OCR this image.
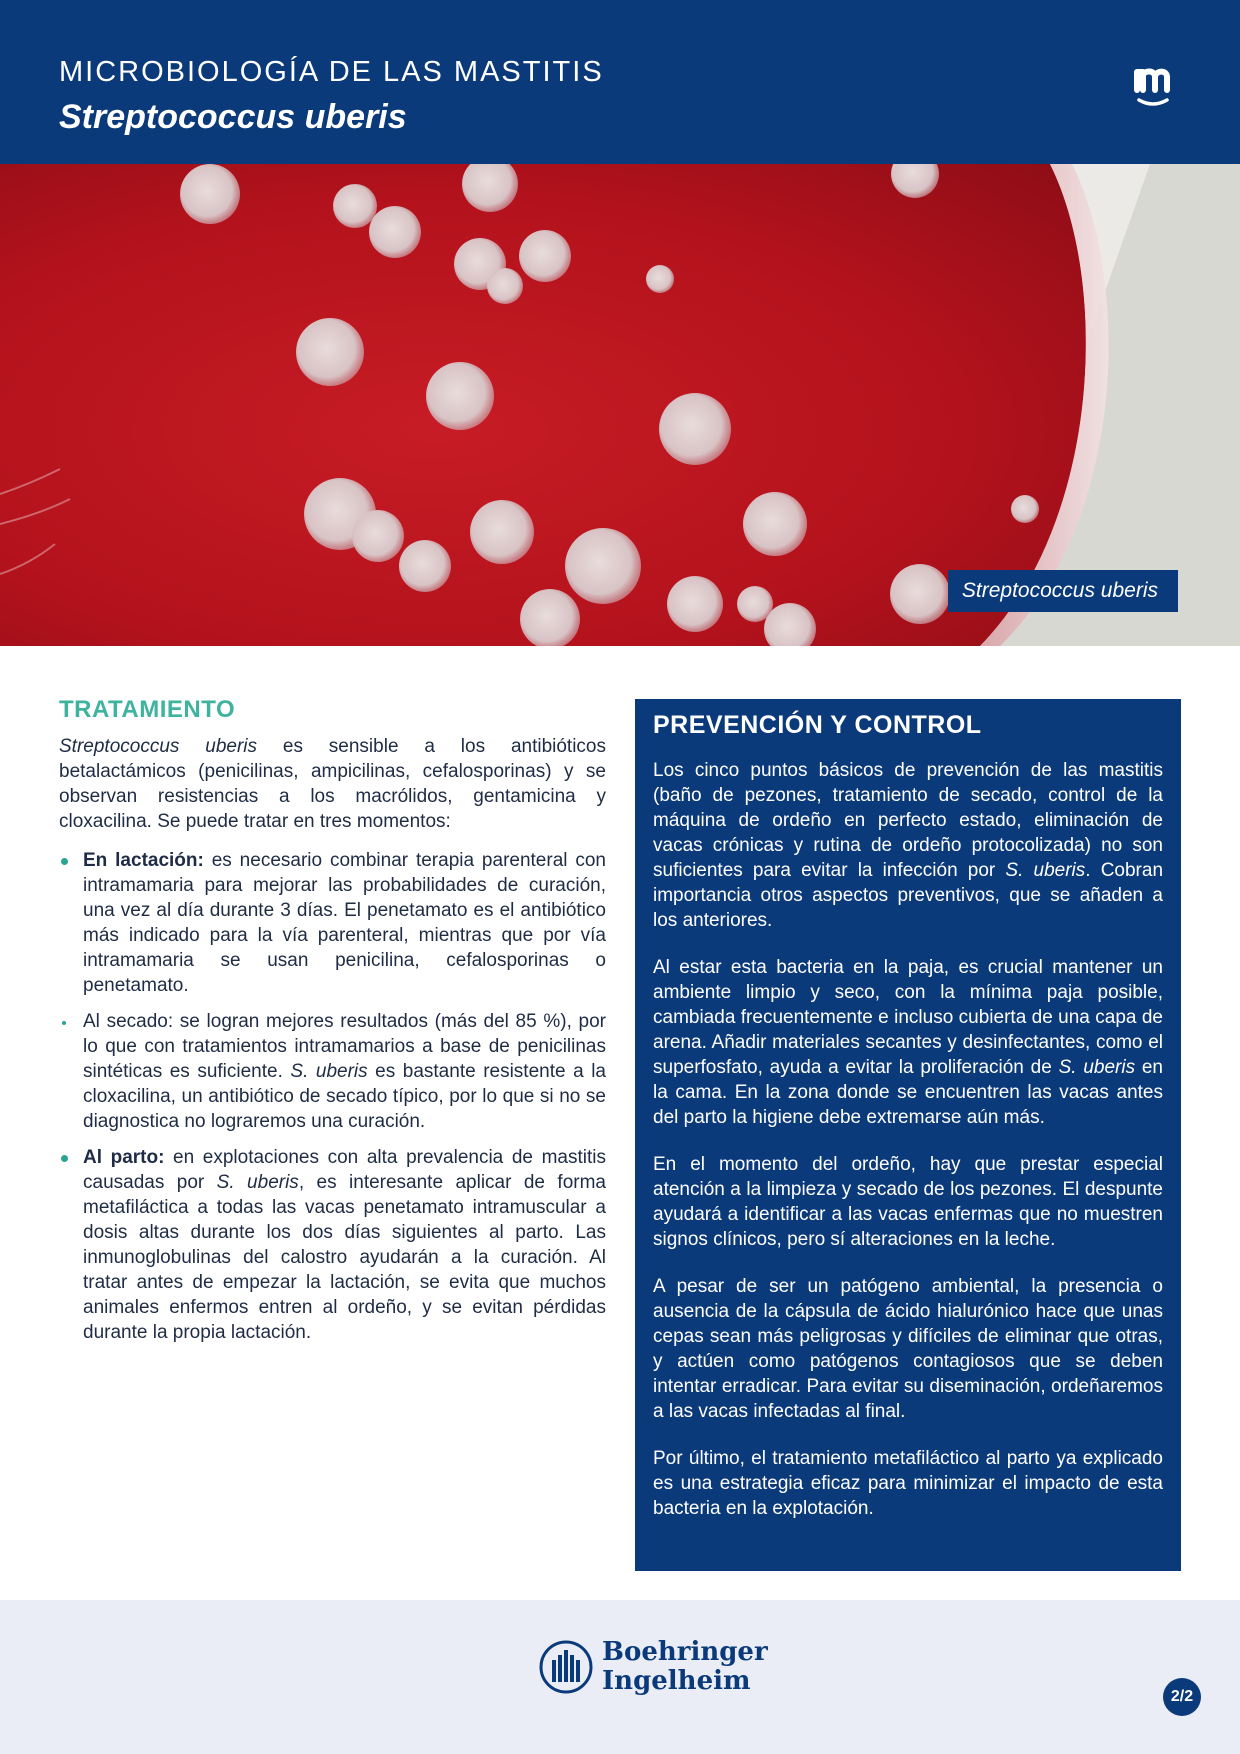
MICROBIOLOGÍA DE LAS MASTITIS

Streptococcus uberis
Streptococcus uberis
TRATAMIENTO

Streptococcus uberis es sensible a los antibióticos betalactámicos (penicilinas, ampicilinas, cefalosporinas) y se observan resistencias a los macrólidos, gentamicina y cloxacilina. Se puede tratar en tres momentos:

En lactación: es necesario combinar terapia parenteral con intramamaria para mejorar las probabilidades de curación, una vez al día durante 3 días. El penetamato es el antibiótico más indicado para la vía parenteral, mientras que por vía intramamaria se usan penicilina, cefalosporinas o penetamato.
Al secado: se logran mejores resultados (más del 85 %), por lo que con tratamientos intramamarios a base de penicilinas sintéticas es suficiente. S. uberis es bastante resistente a la cloxacilina, un antibiótico de secado típico, por lo que si no se diagnostica no lograremos una curación.
Al parto: en explotaciones con alta prevalencia de mastitis causadas por S. uberis, es interesante aplicar de forma metafiláctica a todas las vacas penetamato intramuscular a dosis altas durante los dos días siguientes al parto. Las inmunoglobulinas del calostro ayudarán a la curación. Al tratar antes de empezar la lactación, se evita que muchos animales enfermos entren al ordeño, y se evitan pérdidas durante la propia lactación.
PREVENCIÓN Y CONTROL

Los cinco puntos básicos de prevención de las mastitis (baño de pezones, tratamiento de secado, control de la máquina de ordeño en perfecto estado, eliminación de vacas crónicas y rutina de ordeño protocolizada) no son suficientes para evitar la infección por S. uberis. Cobran importancia otros aspectos preventivos, que se añaden a los anteriores.

Al estar esta bacteria en la paja, es crucial mantener un ambiente limpio y seco, con la mínima paja posible, cambiada frecuentemente e incluso cubierta de una capa de arena. Añadir materiales secantes y desinfectantes, como el superfosfato, ayuda a evitar la proliferación de S. uberis en la cama. En la zona donde se encuentren las vacas antes del parto la higiene debe extremarse aún más.

En el momento del ordeño, hay que prestar especial atención a la limpieza y secado de los pezones. El despunte ayudará a identificar a las vacas enfermas que no muestren signos clínicos, pero sí alteraciones en la leche.

A pesar de ser un patógeno ambiental, la presencia o ausencia de la cápsula de ácido hialurónico hace que unas cepas sean más peligrosas y difíciles de eliminar que otras, y actúen como patógenos contagiosos que se deben intentar erradicar. Para evitar su diseminación, ordeñaremos a las vacas infectadas al final.

Por último, el tratamiento metafiláctico al parto ya explicado es una estrategia eficaz para minimizar el impacto de esta bacteria en la explotación.

Boehringer
Ingelheim
2/2
